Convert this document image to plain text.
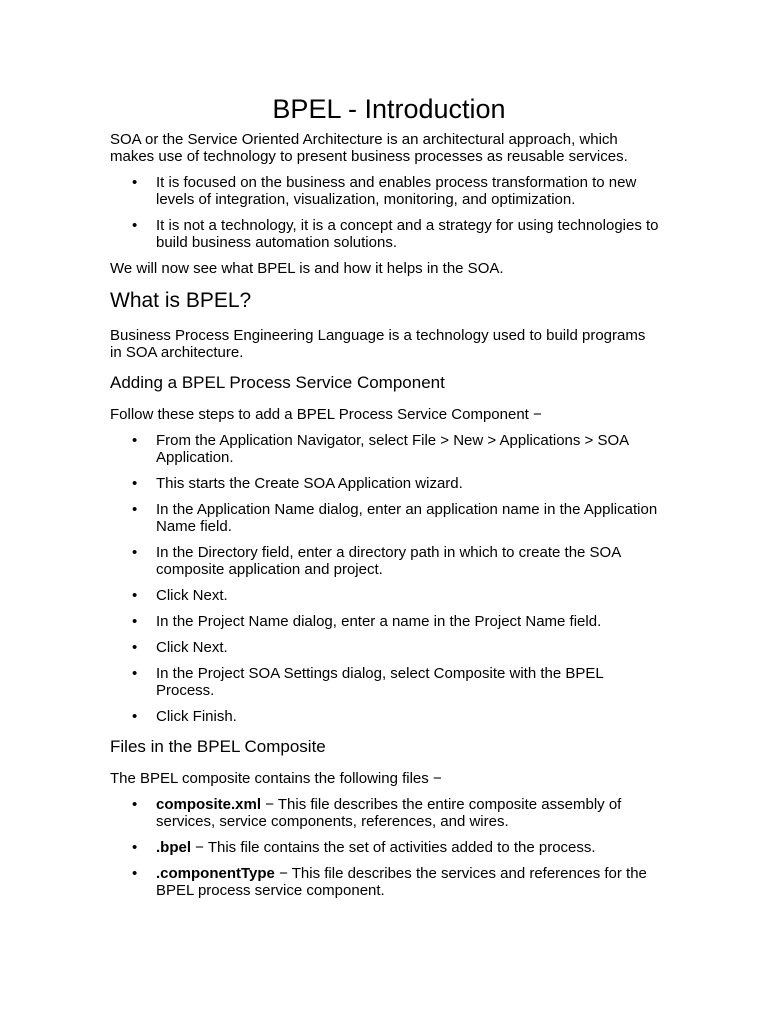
BPEL - Introduction

SOA or the Service Oriented Architecture is an architectural approach, which makes use of technology to present business processes as reusable services.

• It is focused on the business and enables process transformation to new levels of integration, visualization, monitoring, and optimization.
• It is not a technology, it is a concept and a strategy for using technologies to build business automation solutions.

We will now see what BPEL is and how it helps in the SOA.

What is BPEL?

Business Process Engineering Language is a technology used to build programs in SOA architecture.

Adding a BPEL Process Service Component

Follow these steps to add a BPEL Process Service Component −

• From the Application Navigator, select File > New > Applications > SOA Application.
• This starts the Create SOA Application wizard.
• In the Application Name dialog, enter an application name in the Application Name field.
• In the Directory field, enter a directory path in which to create the SOA composite application and project.
• Click Next.
• In the Project Name dialog, enter a name in the Project Name field.
• Click Next.
• In the Project SOA Settings dialog, select Composite with the BPEL Process.
• Click Finish.
Files in the BPEL Composite

The BPEL composite contains the following files −

• composite.xml − This file describes the entire composite assembly of services, service components, references, and wires.
• .bpel − This file contains the set of activities added to the process.
• .componentType − This file describes the services and references for the BPEL process service component.
